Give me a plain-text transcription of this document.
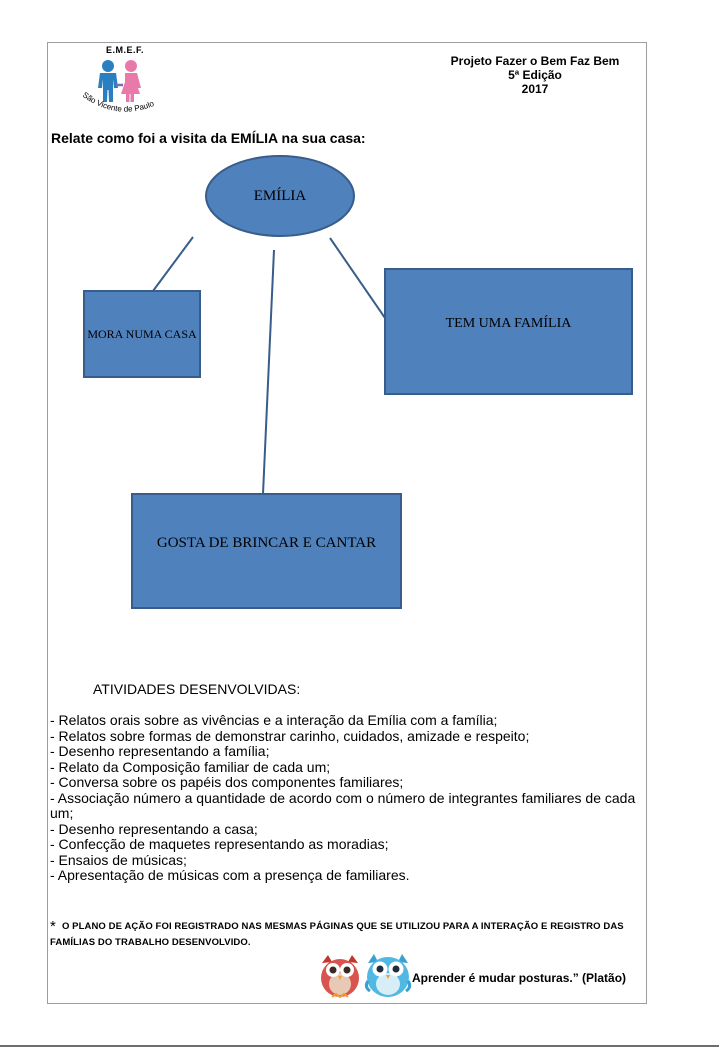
São Vicente de Paulo
E.M.E.F.
Projeto Fazer o Bem Faz Bem
5ª Edição
2017
Relate como foi a visita da EMÍLIA na sua casa:
EMÍLIA
MORA NUMA CASA
TEM UMA FAMÍLIA
GOSTA DE BRINCAR E CANTAR
ATIVIDADES DESENVOLVIDAS:
- Relatos orais sobre as vivências e a interação da Emília com a família;
- Relatos sobre formas de demonstrar carinho, cuidados, amizade e respeito;
- Desenho representando a família;
- Relato da Composição familiar de cada um;
- Conversa sobre os papéis dos componentes familiares;
- Associação número a quantidade de acordo com o número de integrantes familiares de cada um;
- Desenho representando a casa;
- Confecção de maquetes representando as moradias;
- Ensaios de músicas;
- Apresentação de músicas com a presença de familiares.
* O PLANO DE AÇÃO FOI REGISTRADO NAS MESMAS PÁGINAS QUE SE UTILIZOU PARA A INTERAÇÃO E REGISTRO DAS FAMÍLIAS DO TRABALHO DESENVOLVIDO.
Aprender é mudar posturas.” (Platão)
